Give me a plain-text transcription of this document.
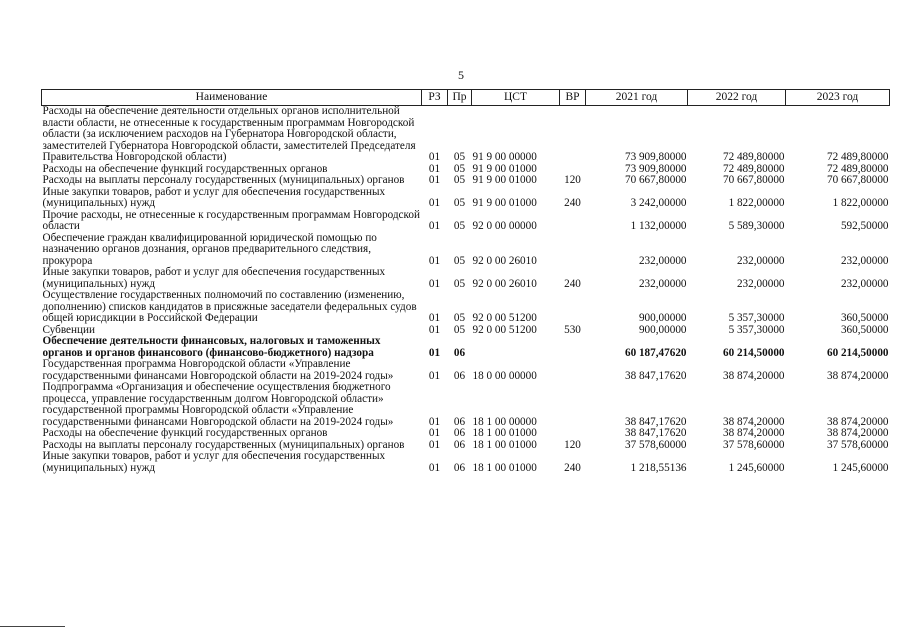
5
Наименование	РЗ	Пр	ЦСТ	ВР	2021 год	2022 год	2023 год
Расходы на обеспечение деятельности отдельных органов исполнительной власти области, не отнесенные к государственным программам Новгородской области (за исключением расходов на Губернатора Новгородской области, заместителей Губернатора Новгородской области, заместителей Председателя Правительства Новгородской области)	01	05	91 9 00 00000		73 909,80000	72 489,80000	72 489,80000
Расходы на обеспечение функций государственных органов	01	05	91 9 00 01000		73 909,80000	72 489,80000	72 489,80000
Расходы на выплаты персоналу государственных (муниципальных) органов	01	05	91 9 00 01000	120	70 667,80000	70 667,80000	70 667,80000
Иные закупки товаров, работ и услуг для обеспечения государственных (муниципальных) нужд	01	05	91 9 00 01000	240	3 242,00000	1 822,00000	1 822,00000
Прочие расходы, не отнесенные к государственным программам Новгородской области	01	05	92 0 00 00000		1 132,00000	5 589,30000	592,50000
Обеспечение граждан квалифицированной юридической помощью по назначению органов дознания, органов предварительного следствия, прокурора	01	05	92 0 00 26010		232,00000	232,00000	232,00000
Иные закупки товаров, работ и услуг для обеспечения государственных (муниципальных) нужд	01	05	92 0 00 26010	240	232,00000	232,00000	232,00000
Осуществление государственных полномочий по составлению (изменению, дополнению) списков кандидатов в присяжные заседатели федеральных судов общей юрисдикции в Российской Федерации	01	05	92 0 00 51200		900,00000	5 357,30000	360,50000
Субвенции	01	05	92 0 00 51200	530	900,00000	5 357,30000	360,50000
Обеспечение деятельности финансовых, налоговых и таможенных органов и органов финансового (финансово-бюджетного) надзора	01	06			60 187,47620	60 214,50000	60 214,50000
Государственная программа Новгородской области «Управление государственными финансами Новгородской области на 2019-2024 годы»	01	06	18 0 00 00000		38 847,17620	38 874,20000	38 874,20000
Подпрограмма «Организация и обеспечение осуществления бюджетного процесса, управление государственным долгом Новгородской области» государственной программы Новгородской области «Управление государственными финансами Новгородской области на 2019-2024 годы»	01	06	18 1 00 00000		38 847,17620	38 874,20000	38 874,20000
Расходы на обеспечение функций государственных органов	01	06	18 1 00 01000		38 847,17620	38 874,20000	38 874,20000
Расходы на выплаты персоналу государственных (муниципальных) органов	01	06	18 1 00 01000	120	37 578,60000	37 578,60000	37 578,60000
Иные закупки товаров, работ и услуг для обеспечения государственных (муниципальных) нужд	01	06	18 1 00 01000	240	1 218,55136	1 245,60000	1 245,60000
